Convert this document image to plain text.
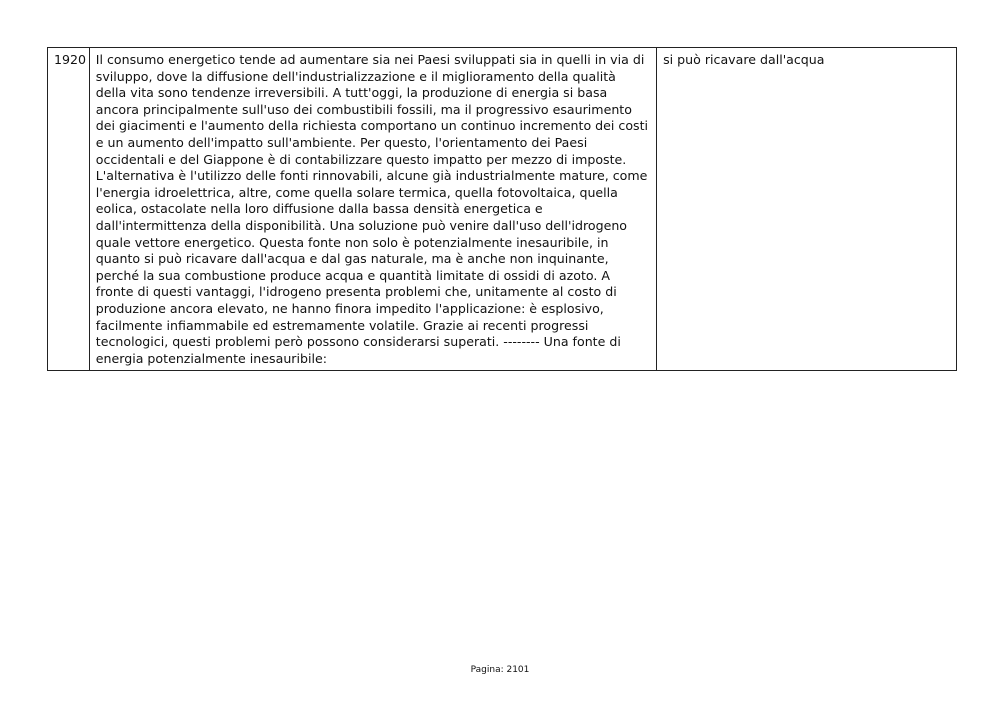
1920	Il consumo energetico tende ad aumentare sia nei Paesi sviluppati sia in quelli in via di sviluppo, dove la diffusione dell'industrializzazione e il miglioramento della qualità della vita sono tendenze irreversibili. A tutt'oggi, la produzione di energia si basa ancora principalmente sull'uso dei combustibili fossili, ma il progressivo esaurimento dei giacimenti e l'aumento della richiesta comportano un continuo incremento dei costi e un aumento dell'impatto sull'ambiente. Per questo, l'orientamento dei Paesi occidentali e del Giappone è di contabilizzare questo impatto per mezzo di imposte. L'alternativa è l'utilizzo delle fonti rinnovabili, alcune già industrialmente mature, come l'energia idroelettrica, altre, come quella solare termica, quella fotovoltaica, quella eolica, ostacolate nella loro diffusione dalla bassa densità energetica e dall'intermittenza della disponibilità. Una soluzione può venire dall'uso dell'idrogeno quale vettore energetico. Questa fonte non solo è potenzialmente inesauribile, in quanto si può ricavare dall'acqua e dal gas naturale, ma è anche non inquinante, perché la sua combustione produce acqua e quantità limitate di ossidi di azoto. A fronte di questi vantaggi, l'idrogeno presenta problemi che, unitamente al costo di produzione ancora elevato, ne hanno finora impedito l'applicazione: è esplosivo, facilmente infiammabile ed estremamente volatile. Grazie ai recenti progressi tecnologici, questi problemi però possono considerarsi superati. -------- Una fonte di energia potenzialmente inesauribile:	si può ricavare dall'acqua
Pagina: 2101
